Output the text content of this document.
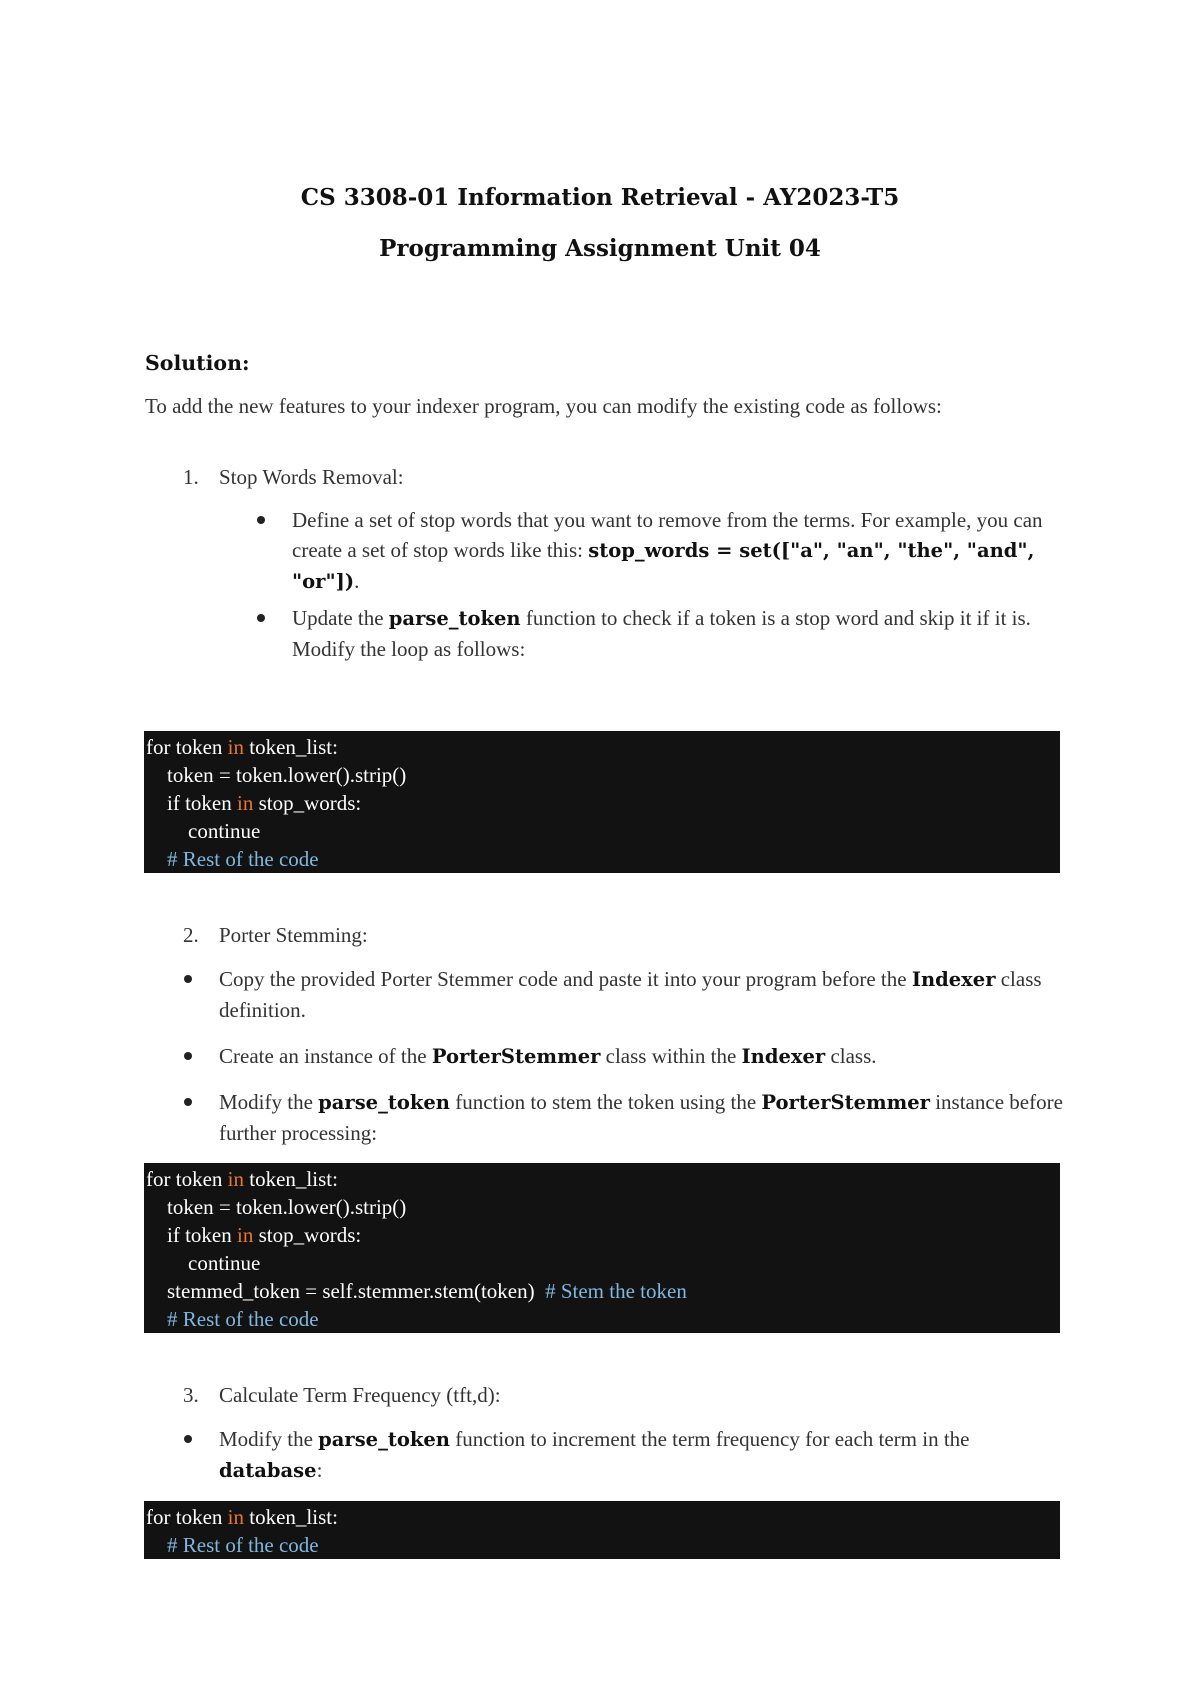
CS 3308-01 Information Retrieval - AY2023-T5
Programming Assignment Unit 04
Solution:
To add the new features to your indexer program, you can modify the existing code as follows:
1. Stop Words Removal:
Define a set of stop words that you want to remove from the terms. For example, you can create a set of stop words like this: stop_words = set(["a", "an", "the", "and", "or"]).
Update the parse_token function to check if a token is a stop word and skip it if it is. Modify the loop as follows:
for token in token_list:
token = token.lower().strip()
if token in stop_words:
continue
# Rest of the code
2. Porter Stemming:
Copy the provided Porter Stemmer code and paste it into your program before the Indexer class definition.
Create an instance of the PorterStemmer class within the Indexer class.
Modify the parse_token function to stem the token using the PorterStemmer instance before further processing:
for token in token_list:
token = token.lower().strip()
if token in stop_words:
continue
stemmed_token = self.stemmer.stem(token)  # Stem the token
# Rest of the code
3. Calculate Term Frequency (tft,d):
Modify the parse_token function to increment the term frequency for each term in the database:
for token in token_list:
# Rest of the code
